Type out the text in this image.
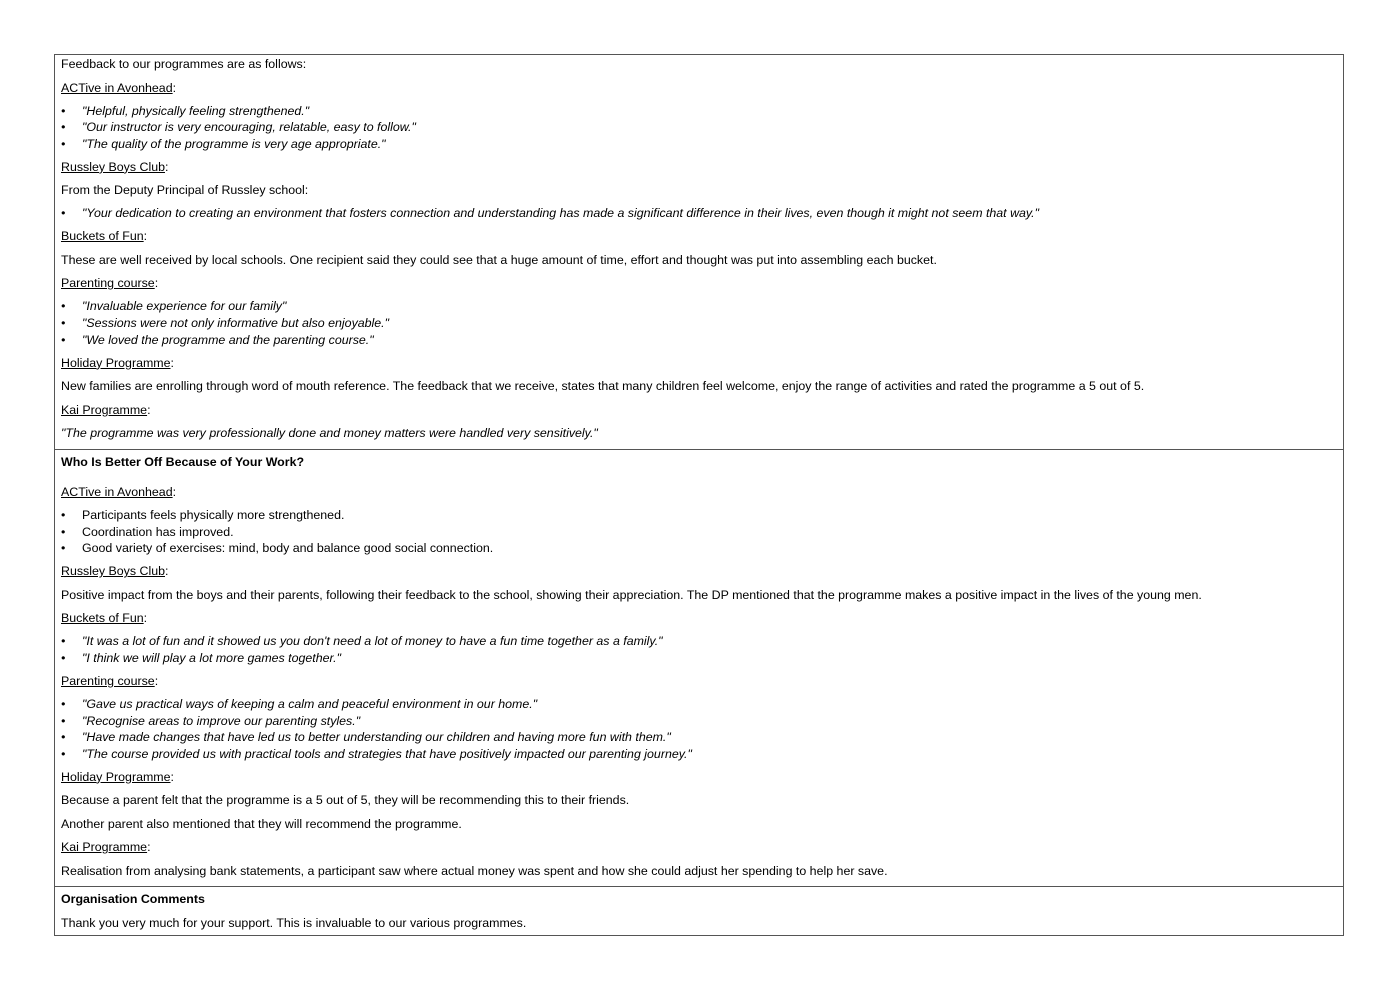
Feedback to our programmes are as follows:
ACTive in Avonhead:
• "Helpful, physically feeling strengthened."
• "Our instructor is very encouraging, relatable, easy to follow."
• "The quality of the programme is very age appropriate."
Russley Boys Club:
From the Deputy Principal of Russley school:
• "Your dedication to creating an environment that fosters connection and understanding has made a significant difference in their lives, even though it might not seem that way."
Buckets of Fun:
These are well received by local schools. One recipient said they could see that a huge amount of time, effort and thought was put into assembling each bucket.
Parenting course:
• "Invaluable experience for our family"
• "Sessions were not only informative but also enjoyable."
• "We loved the programme and the parenting course."
Holiday Programme:
New families are enrolling through word of mouth reference. The feedback that we receive, states that many children feel welcome, enjoy the range of activities and rated the programme a 5 out of 5.
Kai Programme:
"The programme was very professionally done and money matters were handled very sensitively."
Who Is Better Off Because of Your Work?
ACTive in Avonhead:
• Participants feels physically more strengthened.
• Coordination has improved.
• Good variety of exercises: mind, body and balance good social connection.
Russley Boys Club:
Positive impact from the boys and their parents, following their feedback to the school, showing their appreciation. The DP mentioned that the programme makes a positive impact in the lives of the young men.
Buckets of Fun:
• "It was a lot of fun and it showed us you don't need a lot of money to have a fun time together as a family."
• "I think we will play a lot more games together."
Parenting course:
• "Gave us practical ways of keeping a calm and peaceful environment in our home."
• "Recognise areas to improve our parenting styles."
• "Have made changes that have led us to better understanding our children and having more fun with them."
• "The course provided us with practical tools and strategies that have positively impacted our parenting journey."
Holiday Programme:
Because a parent felt that the programme is a 5 out of 5, they will be recommending this to their friends.
Another parent also mentioned that they will recommend the programme.
Kai Programme:
Realisation from analysing bank statements, a participant saw where actual money was spent and how she could adjust her spending to help her save.
Organisation Comments
Thank you very much for your support. This is invaluable to our various programmes.
